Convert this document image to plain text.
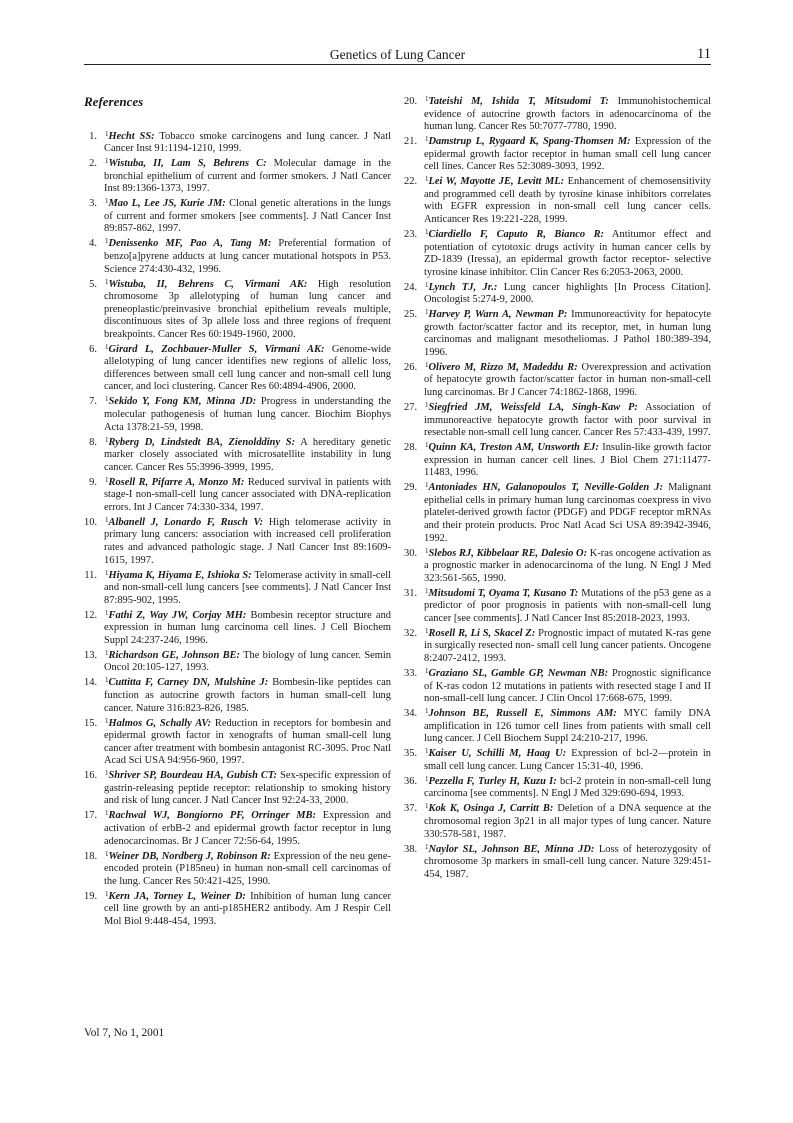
Genetics of Lung Cancer	11
References
1. $^1$Hecht SS: Tobacco smoke carcinogens and lung cancer. J Natl Cancer Inst 91:1194-1210, 1999.
2. $^1$Wistuba, II, Lam S, Behrens C: Molecular damage in the bronchial epithelium of current and former smokers. J Natl Cancer Inst 89:1366-1373, 1997.
3. $^1$Mao L, Lee JS, Kurie JM: Clonal genetic alterations in the lungs of current and former smokers [see comments]. J Natl Cancer Inst 89:857-862, 1997.
4. $^1$Denissenko MF, Pao A, Tang M: Preferential formation of benzo[a]pyrene adducts at lung cancer mutational hotspots in P53. Science 274:430-432, 1996.
5. $^1$Wistuba, II, Behrens C, Virmani AK: High resolution chromosome 3p allelotyping of human lung cancer and preneoplastic/preinvasive bronchial epithelium reveals multiple, discontinuous sites of 3p allele loss and three regions of frequent breakpoints. Cancer Res 60:1949-1960, 2000.
6. $^1$Girard L, Zochbauer-Muller S, Virmani AK: Genome-wide allelotyping of lung cancer identifies new regions of allelic loss, differences between small cell lung cancer and non-small cell lung cancer, and loci clustering. Cancer Res 60:4894-4906, 2000.
7. $^1$Sekido Y, Fong KM, Minna JD: Progress in understanding the molecular pathogenesis of human lung cancer. Biochim Biophys Acta 1378:21-59, 1998.
8. $^1$Ryberg D, Lindstedt BA, Zienolddiny S: A hereditary genetic marker closely associated with microsatellite instability in lung cancer. Cancer Res 55:3996-3999, 1995.
9. $^1$Rosell R, Pifarre A, Monzo M: Reduced survival in patients with stage-I non-small-cell lung cancer associated with DNA-replication errors. Int J Cancer 74:330-334, 1997.
10. $^1$Albanell J, Lonardo F, Rusch V: High telomerase activity in primary lung cancers: association with increased cell proliferation rates and advanced pathologic stage. J Natl Cancer Inst 89:1609-1615, 1997.
11. $^1$Hiyama K, Hiyama E, Ishioka S: Telomerase activity in small-cell and non-small-cell lung cancers [see comments]. J Natl Cancer Inst 87:895-902, 1995.
12. $^1$Fathi Z, Way JW, Corjay MH: Bombesin receptor structure and expression in human lung carcinoma cell lines. J Cell Biochem Suppl 24:237-246, 1996.
13. $^1$Richardson GE, Johnson BE: The biology of lung cancer. Semin Oncol 20:105-127, 1993.
14. $^1$Cuttitta F, Carney DN, Mulshine J: Bombesin-like peptides can function as autocrine growth factors in human small-cell lung cancer. Nature 316:823-826, 1985.
15. $^1$Halmos G, Schally AV: Reduction in receptors for bombesin and epidermal growth factor in xenografts of human small-cell lung cancer after treatment with bombesin antagonist RC-3095. Proc Natl Acad Sci USA 94:956-960, 1997.
16. $^1$Shriver SP, Bourdeau HA, Gubish CT: Sex-specific expression of gastrin-releasing peptide receptor: relationship to smoking history and risk of lung cancer. J Natl Cancer Inst 92:24-33, 2000.
17. $^1$Rachwal WJ, Bongiorno PF, Orringer MB: Expression and activation of erbB-2 and epidermal growth factor receptor in lung adenocarcinomas. Br J Cancer 72:56-64, 1995.
18. $^1$Weiner DB, Nordberg J, Robinson R: Expression of the neu gene-encoded protein (P185neu) in human non-small cell carcinomas of the lung. Cancer Res 50:421-425, 1990.
19. $^1$Kern JA, Torney L, Weiner D: Inhibition of human lung cancer cell line growth by an anti-p185HER2 antibody. Am J Respir Cell Mol Biol 9:448-454, 1993.
20. $^1$Tateishi M, Ishida T, Mitsudomi T: Immunohistochemical evidence of autocrine growth factors in adenocarcinoma of the human lung. Cancer Res 50:7077-7780, 1990.
21. $^1$Damstrup L, Rygaard K, Spang-Thomsen M: Expression of the epidermal growth factor receptor in human small cell lung cancer cell lines. Cancer Res 52:3089-3093, 1992.
22. $^1$Lei W, Mayotte JE, Levitt ML: Enhancement of chemosensitivity and programmed cell death by tyrosine kinase inhibitors correlates with EGFR expression in non-small cell lung cancer cells. Anticancer Res 19:221-228, 1999.
23. $^1$Ciardiello F, Caputo R, Bianco R: Antitumor effect and potentiation of cytotoxic drugs activity in human cancer cells by ZD-1839 (Iressa), an epidermal growth factor receptor- selective tyrosine kinase inhibitor. Clin Cancer Res 6:2053-2063, 2000.
24. $^1$Lynch TJ, Jr.: Lung cancer highlights [In Process Citation]. Oncologist 5:274-9, 2000.
25. $^1$Harvey P, Warn A, Newman P: Immunoreactivity for hepatocyte growth factor/scatter factor and its receptor, met, in human lung carcinomas and malignant mesotheliomas. J Pathol 180:389-394, 1996.
26. $^1$Olivero M, Rizzo M, Madeddu R: Overexpression and activation of hepatocyte growth factor/scatter factor in human non-small-cell lung carcinomas. Br J Cancer 74:1862-1868, 1996.
27. $^1$Siegfried JM, Weissfeld LA, Singh-Kaw P: Association of immunoreactive hepatocyte growth factor with poor survival in resectable non-small cell lung cancer. Cancer Res 57:433-439, 1997.
28. $^1$Quinn KA, Treston AM, Unsworth EJ: Insulin-like growth factor expression in human cancer cell lines. J Biol Chem 271:11477-11483, 1996.
29. $^1$Antoniades HN, Galanopoulos T, Neville-Golden J: Malignant epithelial cells in primary human lung carcinomas coexpress in vivo platelet-derived growth factor (PDGF) and PDGF receptor mRNAs and their protein products. Proc Natl Acad Sci USA 89:3942-3946, 1992.
30. $^1$Slebos RJ, Kibbelaar RE, Dalesio O: K-ras oncogene activation as a prognostic marker in adenocarcinoma of the lung. N Engl J Med 323:561-565, 1990.
31. $^1$Mitsudomi T, Oyama T, Kusano T: Mutations of the p53 gene as a predictor of poor prognosis in patients with non-small-cell lung cancer [see comments]. J Natl Cancer Inst 85:2018-2023, 1993.
32. $^1$Rosell R, Li S, Skacel Z: Prognostic impact of mutated K-ras gene in surgically resected non- small cell lung cancer patients. Oncogene 8:2407-2412, 1993.
33. $^1$Graziano SL, Gamble GP, Newman NB: Prognostic significance of K-ras codon 12 mutations in patients with resected stage I and II non-small-cell lung cancer. J Clin Oncol 17:668-675, 1999.
34. $^1$Johnson BE, Russell E, Simmons AM: MYC family DNA amplification in 126 tumor cell lines from patients with small cell lung cancer. J Cell Biochem Suppl 24:210-217, 1996.
35. $^1$Kaiser U, Schilli M, Haag U: Expression of bcl-2—protein in small cell lung cancer. Lung Cancer 15:31-40, 1996.
36. $^1$Pezzella F, Turley H, Kuzu I: bcl-2 protein in non-small-cell lung carcinoma [see comments]. N Engl J Med 329:690-694, 1993.
37. $^1$Kok K, Osinga J, Carritt B: Deletion of a DNA sequence at the chromosomal region 3p21 in all major types of lung cancer. Nature 330:578-581, 1987.
38. $^1$Naylor SL, Johnson BE, Minna JD: Loss of heterozygosity of chromosome 3p markers in small-cell lung cancer. Nature 329:451-454, 1987.
Vol 7, No 1, 2001
